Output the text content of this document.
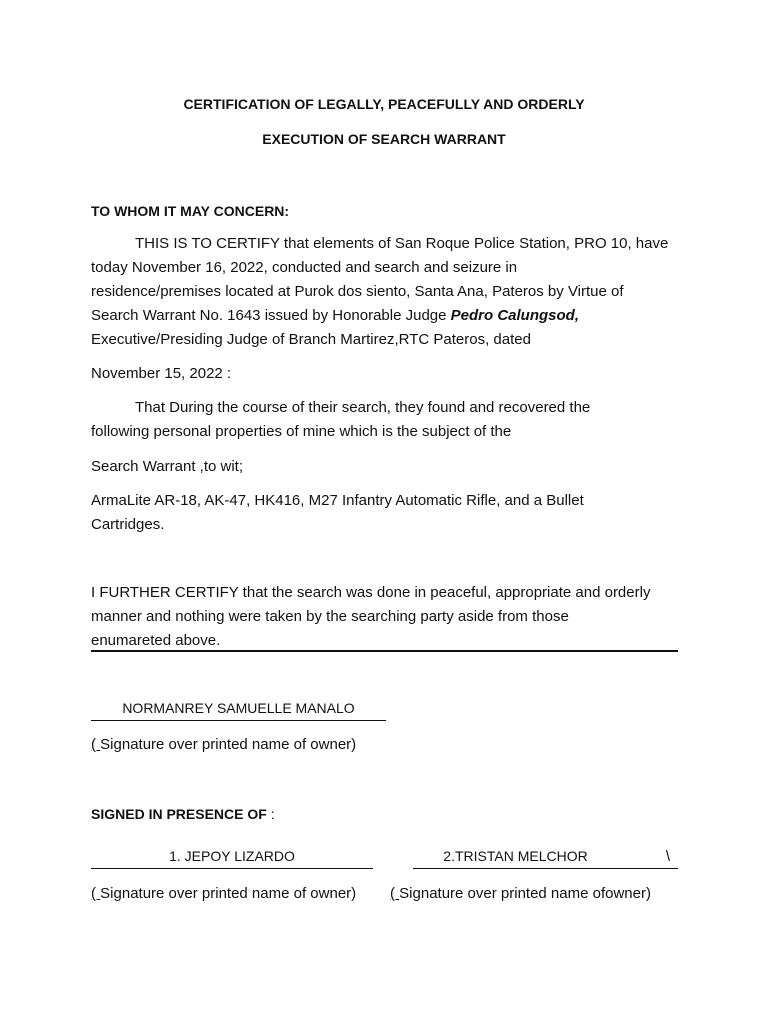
CERTIFICATION OF LEGALLY, PEACEFULLY AND ORDERLY
EXECUTION OF SEARCH WARRANT
TO WHOM IT MAY CONCERN:
THIS IS TO CERTIFY that elements of San Roque Police Station, PRO 10, have
today November 16, 2022, conducted and search and seizure in
residence/premises located at Purok dos siento, Santa Ana, Pateros by Virtue of
Search Warrant No. 1643 issued by Honorable Judge Pedro Calungsod,
Executive/Presiding Judge of Branch Martirez,RTC Pateros, dated
November 15, 2022 :
That During the course of their search, they found and recovered the
following personal properties of mine which is the subject of the
Search Warrant ,to wit;
ArmaLite AR-18, AK-47, HK416, M27 Infantry Automatic Rifle, and a Bullet
Cartridges.
I FURTHER CERTIFY that the search was done in peaceful, appropriate and orderly
manner and nothing were taken by the searching party aside from those
enumareted above.
NORMANREY SAMUELLE MANALO
( Signature over printed name of owner)
SIGNED IN PRESENCE OF :
1. JEPOY LIZARDO	2.TRISTAN MELCHOR	\
( Signature over printed name of owner) ( Signature over printed name ofowner)
